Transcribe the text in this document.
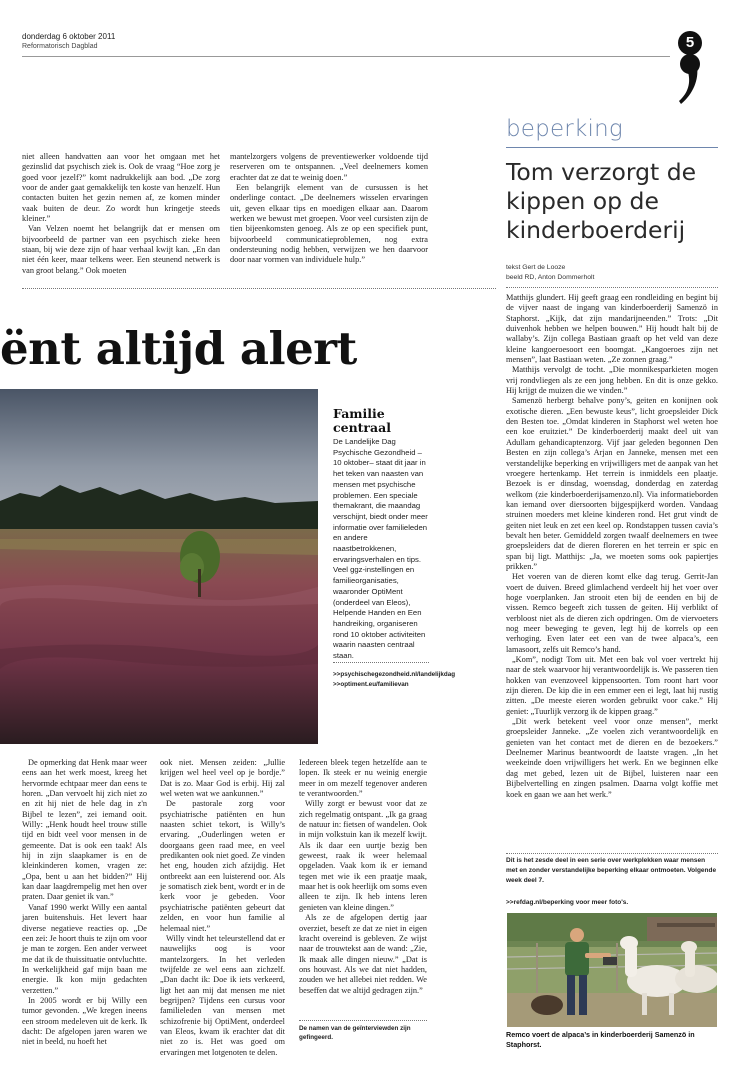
donderdag 6 oktober 2011
Reformatorisch Dagblad	5

niet alleen handvatten aan voor het omgaan met het gezinslid dat psychisch ziek is. Ook de vraag “Hoe zorg je goed voor jezelf?” komt nadrukkelijk aan bod. „De zorg voor de ander gaat gemakkelijk ten koste van henzelf. Hun contacten buiten het gezin nemen af, ze komen minder vaak buiten de deur. Zo wordt hun kringetje steeds kleiner.”

Van Velzen noemt het belangrijk dat er mensen om bijvoorbeeld de partner van een psychisch zieke heen staan, bij wie deze zijn of haar verhaal kwijt kan. „En dan niet één keer, maar telkens weer. Een steunend netwerk is van groot belang.” Ook moeten

mantelzorgers volgens de preventiewerker voldoende tijd reserveren om te ontspannen. „Veel deelnemers komen erachter dat ze dat te weinig doen.”

Een belangrijk element van de cursussen is het onderlinge contact. „De deelnemers wisselen ervaringen uit, geven elkaar tips en moedigen elkaar aan. Daarom werken we bewust met groepen. Voor veel cursisten zijn de tien bijeenkomsten genoeg. Als ze op een specifiek punt, bijvoorbeeld communicatieproblemen, nog extra ondersteuning nodig hebben, verwijzen we hen daarvoor door naar vormen van individuele hulp.”

beperking
Tom verzorgt de kippen op de kinderboerderij
tekst Gert de Looze
beeld RD, Anton Dommerholt

Matthijs glundert. Hij geeft graag een rondleiding en begint bij de vijver naast de ingang van kinderboerderij Samenzö in Staphorst. „Kijk, dat zijn mandarijneenden.” Trots: „Dit duivenhok hebben we helpen bouwen.” Hij houdt halt bij de wallaby’s. Zijn collega Bastiaan graaft op het veld van deze kleine kangoeroesoort een boomgat. „Kangoeroes zijn net mensen”, laat Bastiaan weten. „Ze zonnen graag.”

Matthijs vervolgt de tocht. „Die monnikesparkieten mogen vrij rondvliegen als ze een jong hebben. En dit is onze gekko. Hij krijgt de muizen die we vinden.”

Samenzö herbergt behalve pony’s, geiten en konijnen ook exotische dieren. „Een bewuste keus”, licht groepsleider Dick den Besten toe. „Omdat kinderen in Staphorst wel weten hoe een koe eruitziet.” De kinderboerderij maakt deel uit van Adullam gehandicaptenzorg. Vijf jaar geleden begonnen Den Besten en zijn collega’s Arjan en Janneke, mensen met een verstandelijke beperking en vrijwilligers met de aanpak van het vroegere hertenkamp. Het terrein is inmiddels een plaatje. Bezoek is er dinsdag, woensdag, donderdag en zaterdag welkom (zie kinderboerderijsamenzo.nl). Via informatieborden kan iemand over diersoorten bijgespijkerd worden. Vandaag struinen moeders met kleine kinderen rond. Het grut vindt de geiten niet leuk en zet een keel op. Rondstappen tussen cavia’s bevalt hen beter. Gemiddeld zorgen twaalf deelnemers en twee groepsleiders dat de dieren floreren en het terrein er spic en span bij ligt. Matthijs: „Ja, we moeten soms ook papiertjes prikken.”

Het voeren van de dieren komt elke dag terug. Gerrit-Jan voert de duiven. Breed glimlachend verdeelt hij het voer over hoge voerplanken. Jan strooit eten bij de eenden en bij de vissen. Remco begeeft zich tussen de geiten. Hij verblikt of verbloost niet als de dieren zich opdringen. Om de viervoeters nog meer beweging te geven, legt hij de korrels op een verhoging. Even later eet een van de twee alpaca’s, een lamasoort, zelfs uit Remco’s hand.

„Kom”, nodigt Tom uit. Met een bak vol voer vertrekt hij naar de stek waarvoor hij verantwoordelijk is. We passeren tien hokken van evenzoveel kippensoorten. Tom roont hart voor zijn dieren. De kip die in een emmer een ei legt, laat hij rustig zitten. „De meeste eieren worden gebruikt voor cake.” Hij geniet: „Tuurlijk verzorg ik de kippen graag.”

„Dit werk betekent veel voor onze mensen”, merkt groepsleider Janneke. „Ze voelen zich verantwoordelijk en genieten van het contact met de dieren en de bezoekers.” Deelnemer Marinus beantwoordt de laatste vragen. „In het weekeinde doen vrijwilligers het werk. En we beginnen elke dag met gebed, lezen uit de Bijbel, luisteren naar een Bijbelvertelling en zingen psalmen. Daarna volgt koffie met koek en gaan we aan het werk.”

Dit is het zesde deel in een serie over werkplekken waar mensen met en zonder verstandelijke beperking elkaar ontmoeten. Volgende week deel 7.
>>refdag.nl/beperking voor meer foto's.
Remco voert de alpaca’s in kinderboerderij Samenzö in Staphorst.
ënt altijd alert
Familie centraal
De Landelijke Dag Psychische Gezondheid –10 oktober– staat dit jaar in het teken van naasten van mensen met psychische problemen. Een speciale themakrant, die maandag verschijnt, biedt onder meer informatie over familieleden en andere naastbetrokkenen, ervaringsverhalen en tips. Veel ggz-instellingen en familieorganisaties, waaronder OptiMent (onderdeel van Eleos), Helpende Handen en Een handreiking, organiseren rond 10 oktober activiteiten waarin naasten centraal staan.
>>psychischegezondheid.nl/landelijkdag
>>optiment.eu/familievan

De opmerking dat Henk maar weer eens aan het werk moest, kreeg het hervormde echtpaar meer dan eens te horen. „Dan vervoelt hij zich niet zo en zit hij niet de hele dag in z'n Bijbel te lezen”, zei iemand ooit. Willy: „Henk houdt heel trouw stille tijd en bidt veel voor mensen in de gemeente. Dat is ook een taak! Als hij in zijn slaapkamer is en de kleinkinderen komen, vragen ze: „Opa, bent u aan het bidden?” Hij kan daar laagdrempelig met hen over praten. Daar geniet ik van.”

Vanaf 1990 werkt Willy een aantal jaren buitenshuis. Het levert haar diverse negatieve reacties op. „De een zei: Je hoort thuis te zijn om voor je man te zorgen. Een ander verweet me dat ik de thuissituatie ontvluchtte. In werkelijkheid gaf mijn baan me energie. Ik kon mijn gedachten verzetten.”

In 2005 wordt er bij Willy een tumor gevonden. „We kregen ineens een stroom medeleven uit de kerk. Ik dacht: De afgelopen jaren waren we niet in beeld, nu hoeft het

ook niet. Mensen zeiden: „Jullie krijgen wel heel veel op je bordje.” Dat is zo. Maar God is erbij. Hij zal wel weten wat we aankunnen.”

De pastorale zorg voor psychiatrische patiënten en hun naasten schiet tekort, is Willy’s ervaring. „Ouderlingen weten er doorgaans geen raad mee, en veel predikanten ook niet goed. Ze vinden het eng, houden zich afzijdig. Het ontbreekt aan een luisterend oor. Als je somatisch ziek bent, wordt er in de kerk voor je gebeden. Voor psychiatrische patiënten gebeurt dat zelden, en voor hun familie al helemaal niet.”

Willy vindt het teleurstellend dat er nauwelijks oog is voor mantelzorgers. In het verleden twijfelde ze wel eens aan zichzelf. „Dan dacht ik: Doe ik iets verkeerd, ligt het aan mij dat mensen me niet begrijpen? Tijdens een cursus voor familieleden van mensen met schizofrenie bij OptiMent, onderdeel van Eleos, kwam ik erachter dat dit niet zo is. Het was goed om ervaringen met lotgenoten te delen.

Iedereen bleek tegen hetzelfde aan te lopen. Ik steek er nu weinig energie meer in om mezelf tegenover anderen te verantwoorden.”

Willy zorgt er bewust voor dat ze zich regelmatig ontspant. „Ik ga graag de natuur in: fietsen of wandelen. Ook in mijn volkstuin kan ik mezelf kwijt. Als ik daar een uurtje bezig ben geweest, raak ik weer helemaal opgeladen. Vaak kom ik er iemand tegen met wie ik een praatje maak, maar het is ook heerlijk om soms even alleen te zijn. Ik heb intens leren genieten van kleine dingen.”

Als ze de afgelopen dertig jaar overziet, beseft ze dat ze niet in eigen kracht overeind is gebleven. Ze wijst naar de trouwtekst aan de wand: „Zie, Ik maak alle dingen nieuw.” „Dat is ons houvast. Als we dat niet hadden, zouden we het allebei niet redden. We beseffen dat we altijd gedragen zijn.”

De namen van de geïnterviewden zijn gefingeerd.
